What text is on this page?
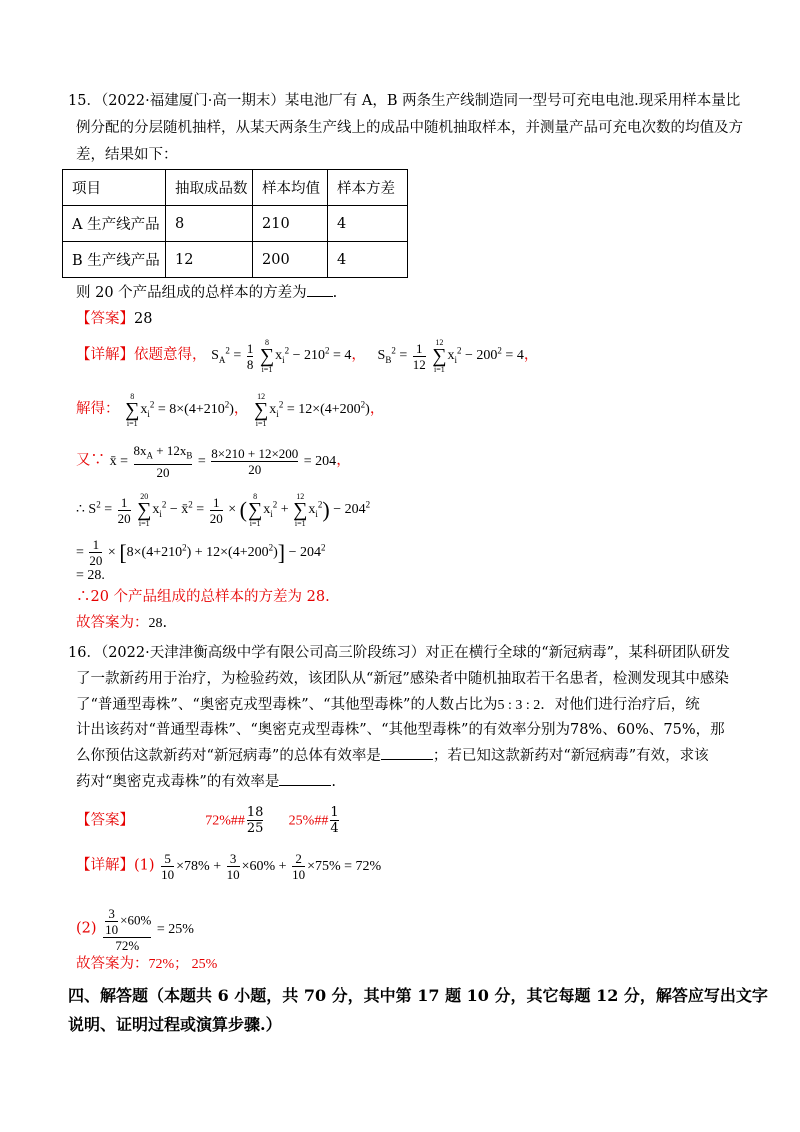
15．（2022·福建厦门·高一期末）某电池厂有 A，B 两条生产线制造同一型号可充电电池.现采用样本量比
例分配的分层随机抽样，从某天两条生产线上的成品中随机抽取样本，并测量产品可充电次数的均值及方
差，结果如下：
项目	抽取成品数	样本均值	样本方差
A 生产线产品	8	210	4
B 生产线产品	12	200	4
则 20 个产品组成的总样本的方差为 .
【答案】28
【详解】依题意得， $S_A^2 = \frac{1}{8}$
	8
∑
i=1
$x_i^2 - 210^2 = 4$，   $S_B^2 = \frac{1}{12}$
	12
∑
i=1
$x_i^2 - 200^2 = 4$，
解得：
8
∑
i=1
$x_i^2 = 8\times(4+210^2)$，
12
∑
i=1
$x_i^2 = 12\times(4+200^2)$，
又∵ x̄ = $\frac{8x_A + 12x_B}{20} = \frac{8\times 210 + 12\times 200}{20} = 204$，
∴ $S^2 = \frac{1}{20}$
	20
∑
i=1
$x_i^2$ − x̄$^2$ = $\frac{1}{20}$ × (
8
∑
i=1
$x_i^2$ +
12
∑
i=1
$x_i^2) - 204^2$
= $\frac{1}{20} \times [8\times(4+210^2) + 12\times(4+200^2)] - 204^2$
= 28.
∴20 个产品组成的总样本的方差为 28.
故答案为：28.
16．（2022·天津津衡高级中学有限公司高三阶段练习）对正在横行全球的“新冠病毒”，某科研团队研发
了一款新药用于治疗，为检验药效，该团队从“新冠”感染者中随机抽取若干名患者，检测发现其中感染
了“普通型毒株”、“奥密克戎型毒株”、“其他型毒株”的人数占比为5 : 3 : 2．对他们进行治疗后，统
计出该药对“普通型毒株”、“奥密克戎型毒株”、“其他型毒株”的有效率分别为78%、60%、75%，那
么你预估这款新药对“新冠病毒”的总体有效率是	；若已知这款新药对“新冠病毒”有效，求该
药对“奥密克戎毒株”的有效率是	.
【答案】	72%## $\frac{18}{25}$ 25%## $\frac{1}{4}$
【详解】$(1) \frac{5}{10} \times 78\% + \frac{3}{10} \times 60\% + \frac{2}{10} \times 75\% = 72\%$
$(2) \frac{\frac{3}{10} \times 60\%}{72\%} = 25\%$
故答案为：72%； 25%
四、解答题（本题共 6 小题，共 70 分，其中第 17 题 10 分，其它每题 12 分，解答应写出文字
说明、证明过程或演算步骤.）
